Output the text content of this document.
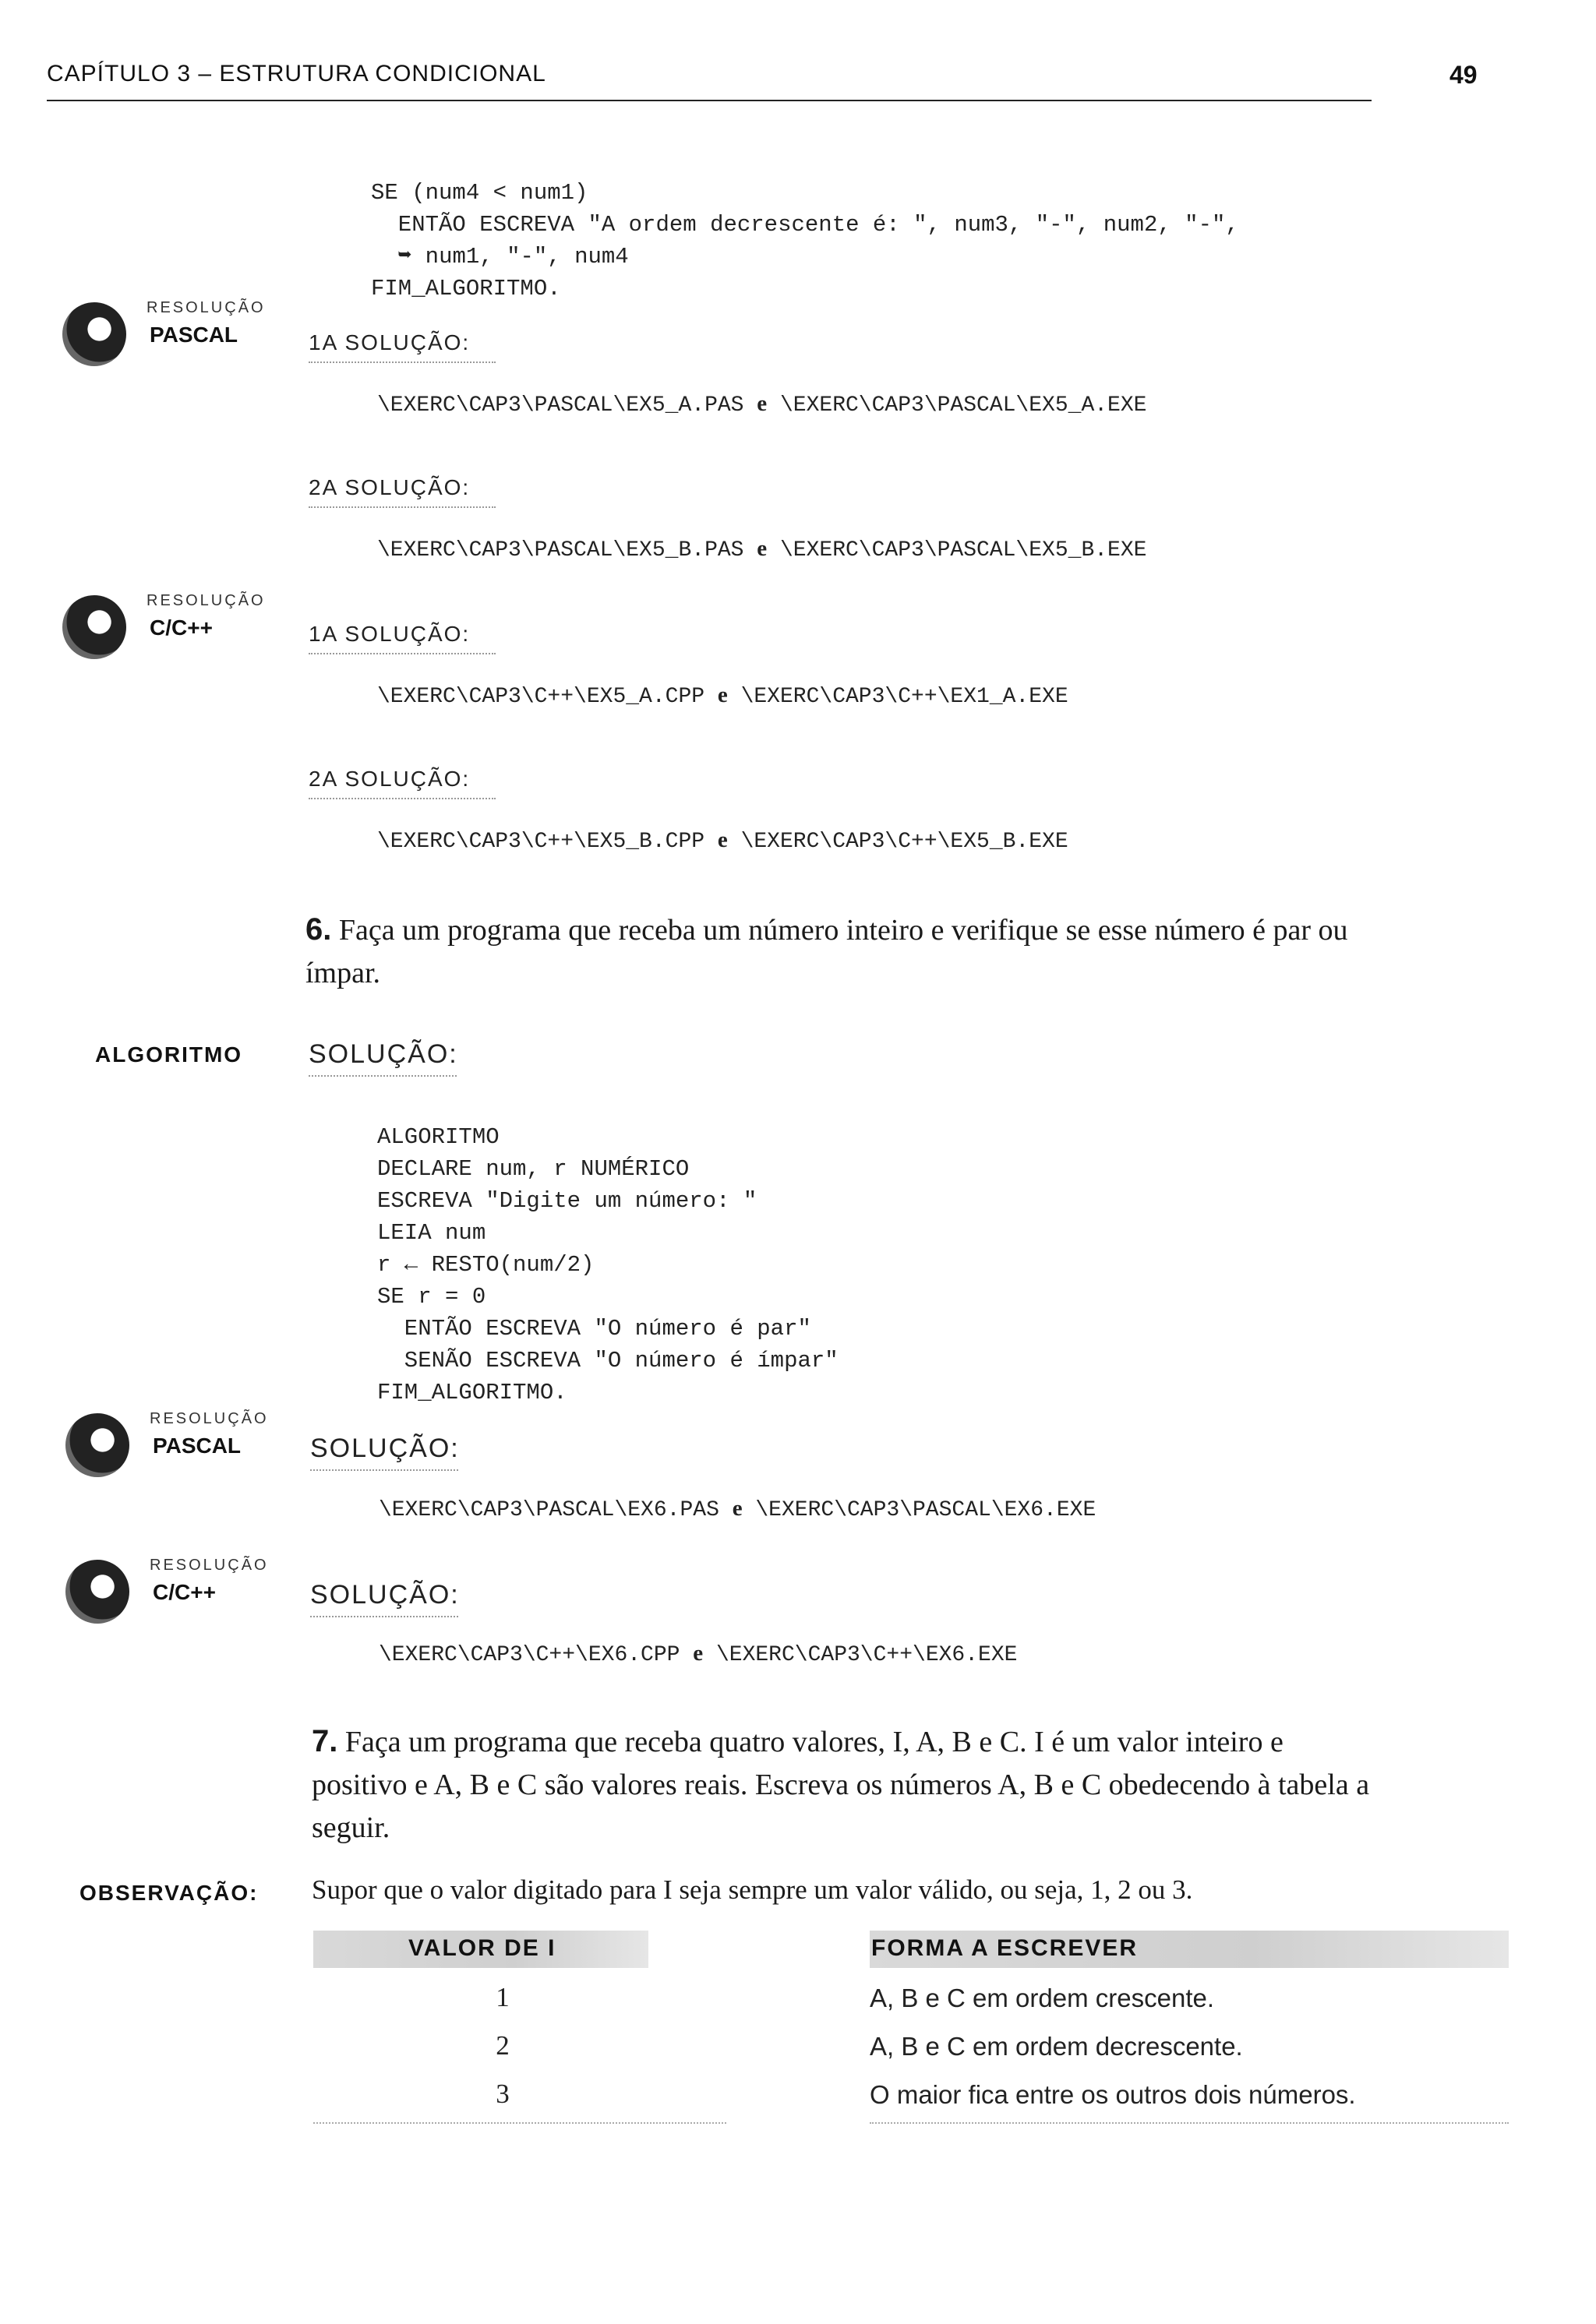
CAPÍTULO 3 – ESTRUTURA CONDICIONAL	49

SE (num4 < num1)
ENTÃO ESCREVA "A ordem decrescente é: ", num3, "-", num2, "-",
➥ num1, "-", num4
FIM_ALGORITMO.

RESOLUÇÃO
PASCAL	1A SOLUÇÃO:
\EXERC\CAP3\PASCAL\EX5_A.PAS e \EXERC\CAP3\PASCAL\EX5_A.EXE
2A SOLUÇÃO:
\EXERC\CAP3\PASCAL\EX5_B.PAS e \EXERC\CAP3\PASCAL\EX5_B.EXE
RESOLUÇÃO
C/C++	1A SOLUÇÃO:
\EXERC\CAP3\C++\EX5_A.CPP e \EXERC\CAP3\C++\EX1_A.EXE
2A SOLUÇÃO:
\EXERC\CAP3\C++\EX5_B.CPP e \EXERC\CAP3\C++\EX5_B.EXE
6. Faça um programa que receba um número inteiro e verifique se esse número é par ou
ímpar.
ALGORITMO SOLUÇÃO:

ALGORITMO
DECLARE num, r NUMÉRICO
ESCREVA "Digite um número: "
LEIA num
r ← RESTO(num/2)
SE r = 0
ENTÃO ESCREVA "O número é par"
SENÃO ESCREVA "O número é ímpar"
FIM_ALGORITMO.

RESOLUÇÃO
PASCAL	SOLUÇÃO:
\EXERC\CAP3\PASCAL\EX6.PAS e \EXERC\CAP3\PASCAL\EX6.EXE
RESOLUÇÃO
C/C++	SOLUÇÃO:
\EXERC\CAP3\C++\EX6.CPP e \EXERC\CAP3\C++\EX6.EXE
7. Faça um programa que receba quatro valores, I, A, B e C. I é um valor inteiro e
positivo e A, B e C são valores reais. Escreva os números A, B e C obedecendo à tabela a
seguir.
OBSERVAÇÃO: Supor que o valor digitado para I seja sempre um valor válido, ou seja, 1, 2 ou 3.
VALOR DE I	FORMA A ESCREVER
1	A, B e C em ordem crescente.
2	A, B e C em ordem decrescente.
3	O maior fica entre os outros dois números.
